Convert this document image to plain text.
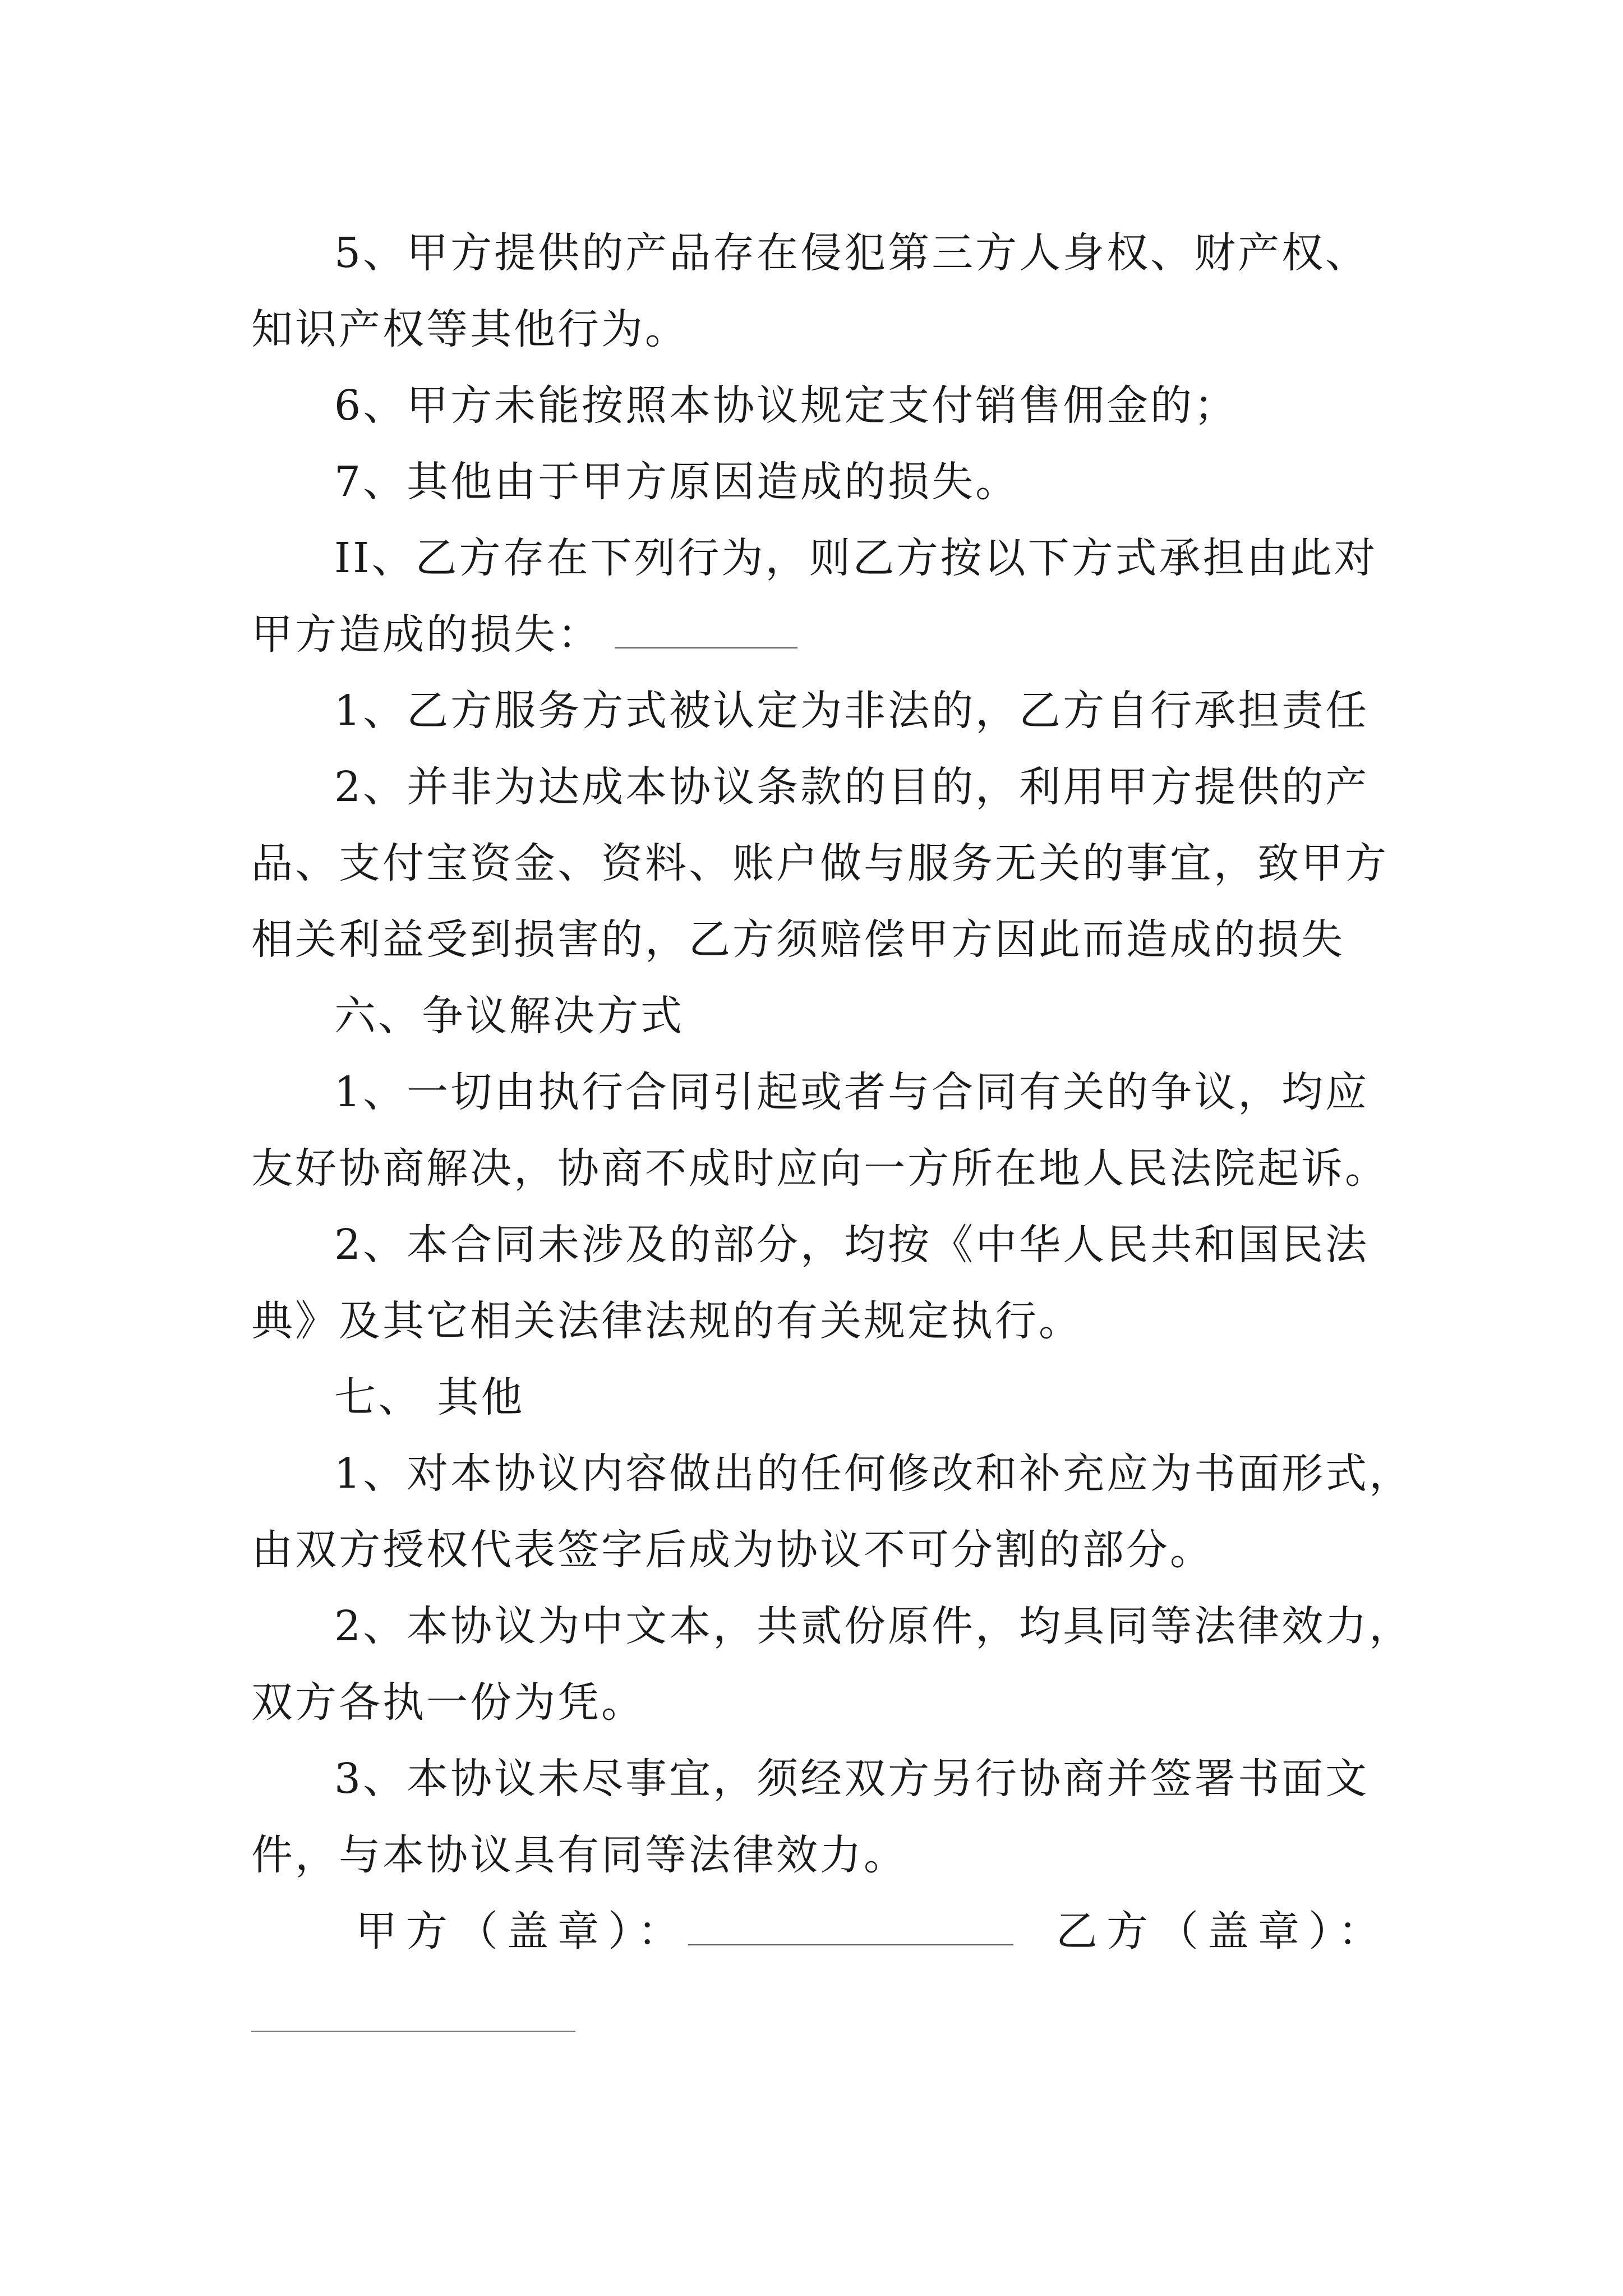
5、甲方提供的产品存在侵犯第三方人身权、财产权、
知识产权等其他行为。
6、甲方未能按照本协议规定支付销售佣金的；
7、其他由于甲方原因造成的损失。
II、乙方存在下列行为，则乙方按以下方式承担由此对
甲方造成的损失：
1、乙方服务方式被认定为非法的，乙方自行承担责任
2、并非为达成本协议条款的目的，利用甲方提供的产
品、支付宝资金、资料、账户做与服务无关的事宜，致甲方
相关利益受到损害的，乙方须赔偿甲方因此而造成的损失
六、争议解决方式
1、一切由执行合同引起或者与合同有关的争议，均应
友好协商解决，协商不成时应向一方所在地人民法院起诉。
2、本合同未涉及的部分，均按《中华人民共和国民法
典》及其它相关法律法规的有关规定执行。
七、 其他
1、对本协议内容做出的任何修改和补充应为书面形式，
由双方授权代表签字后成为协议不可分割的部分。
2、本协议为中文本，共贰份原件，均具同等法律效力，
双方各执一份为凭。
3、本协议未尽事宜，须经双方另行协商并签署书面文
件，与本协议具有同等法律效力。
甲方（盖章）：	乙方（盖章）：
